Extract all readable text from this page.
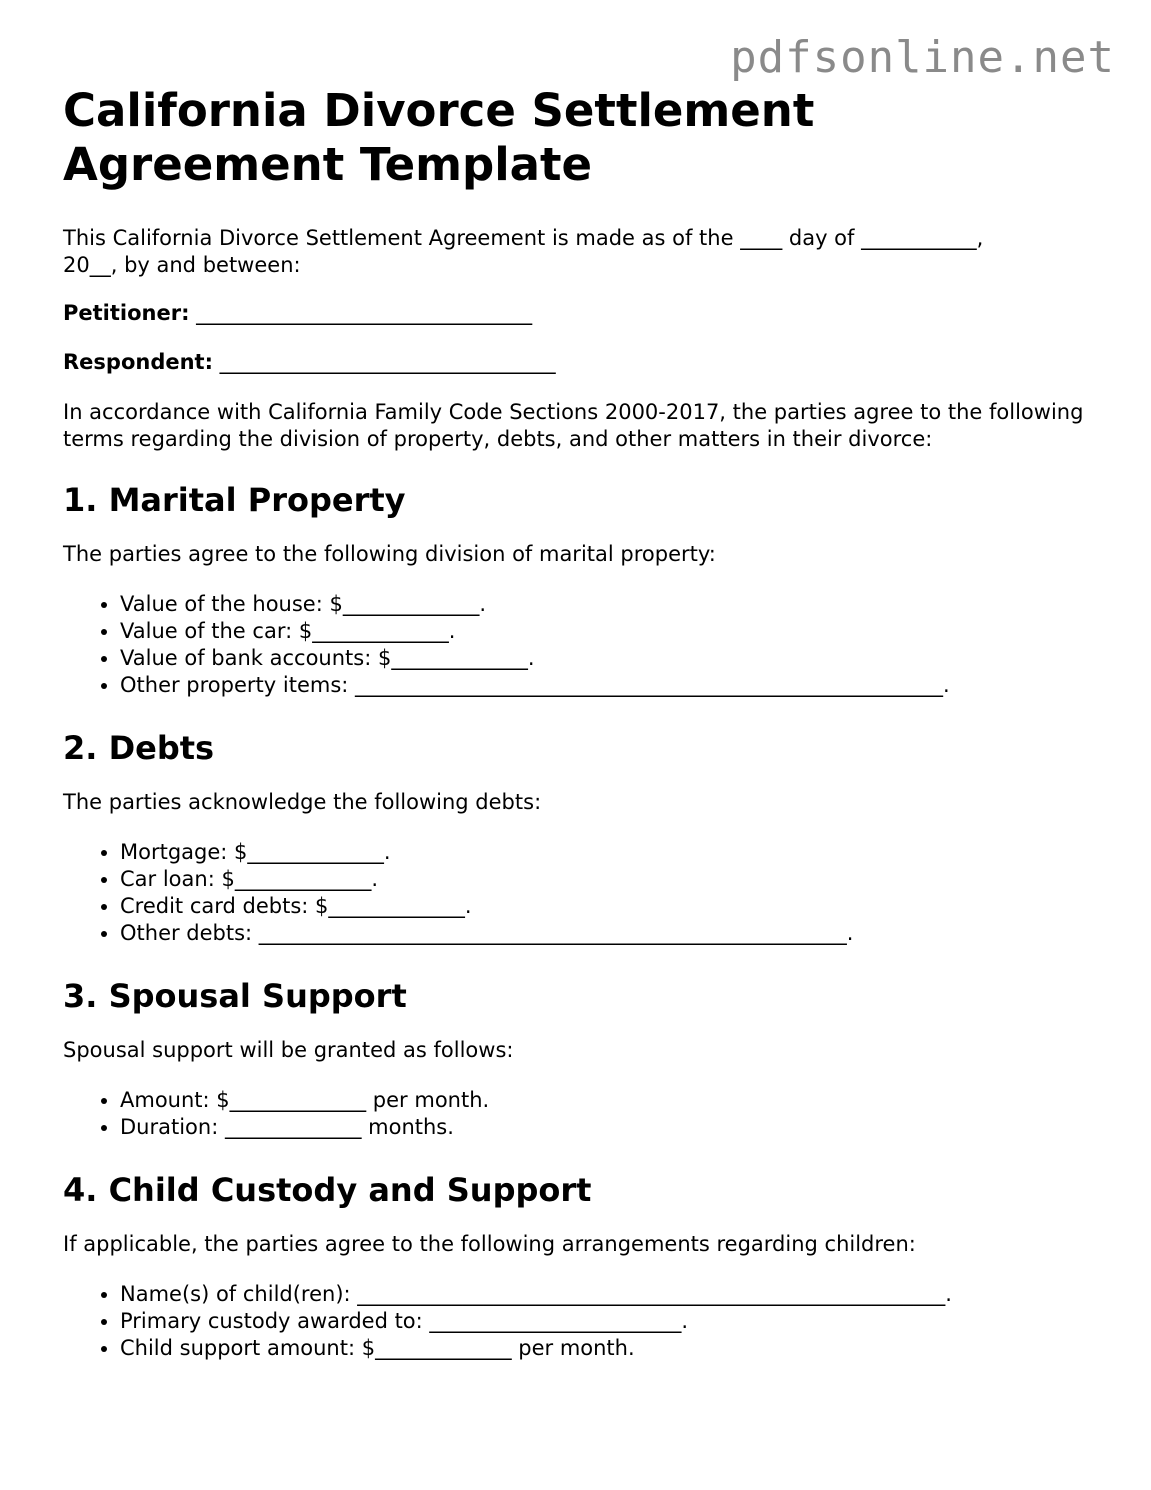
pdfsonline.net
California Divorce Settlement
Agreement Template

This California Divorce Settlement Agreement is made as of the ____ day of ___________,
20__, by and between:

Petitioner: ________________________________

Respondent: ________________________________

In accordance with California Family Code Sections 2000-2017, the parties agree to the following terms regarding the division of property, debts, and other matters in their divorce:

1. Marital Property

The parties agree to the following division of marital property:

• Value of the house: $_____________.
• Value of the car: $_____________.
• Value of bank accounts: $_____________.
• Other property items: ________________________________________________________.
2. Debts

The parties acknowledge the following debts:

• Mortgage: $_____________.
• Car loan: $_____________.
• Credit card debts: $_____________.
• Other debts: ________________________________________________________.
3. Spousal Support

Spousal support will be granted as follows:

• Amount: $_____________ per month.
• Duration: _____________ months.
4. Child Custody and Support

If applicable, the parties agree to the following arrangements regarding children:

• Name(s) of child(ren): ________________________________________________________.
• Primary custody awarded to: ________________________.
• Child support amount: $_____________ per month.
